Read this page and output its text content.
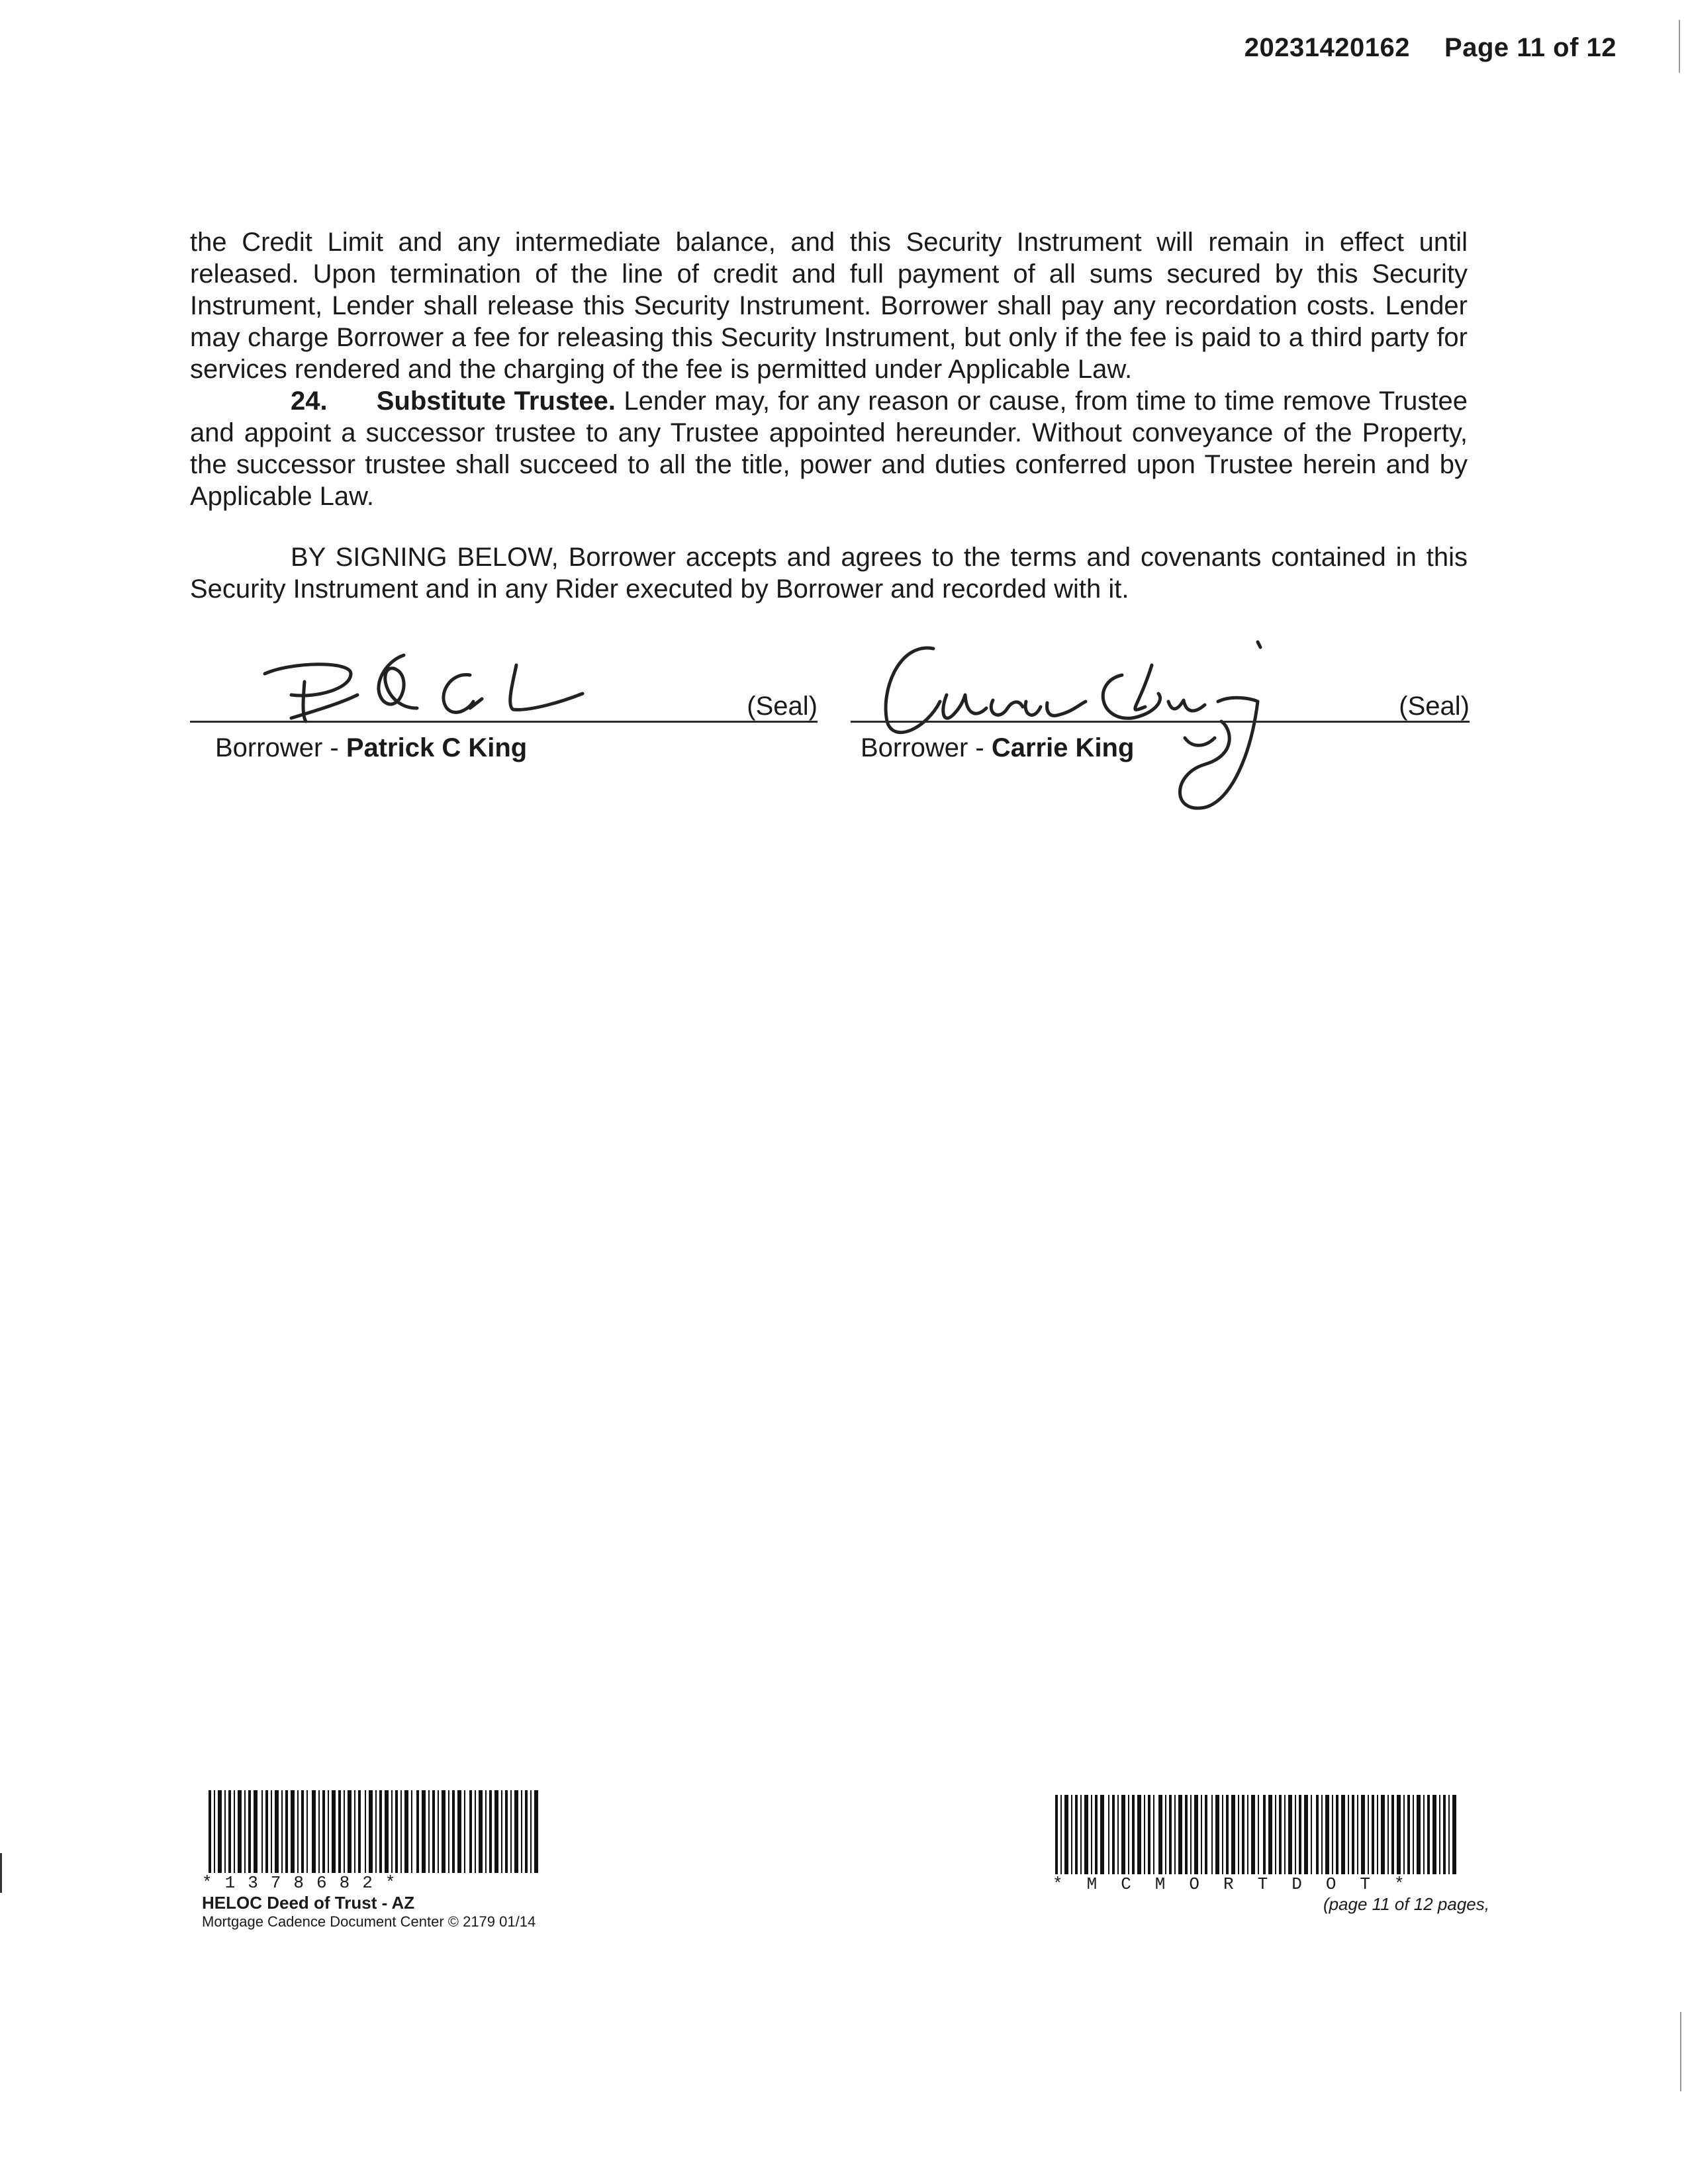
20231420162 Page 11 of 12

the Credit Limit and any intermediate balance, and this Security Instrument will remain in effect until released. Upon termination of the line of credit and full payment of all sums secured by this Security Instrument, Lender shall release this Security Instrument. Borrower shall pay any recordation costs. Lender may charge Borrower a fee for releasing this Security Instrument, but only if the fee is paid to a third party for services rendered and the charging of the fee is permitted under Applicable Law.

24. Substitute Trustee. Lender may, for any reason or cause, from time to time remove Trustee and appoint a successor trustee to any Trustee appointed hereunder. Without conveyance of the Property, the successor trustee shall succeed to all the title, power and duties conferred upon Trustee herein and by Applicable Law.

BY SIGNING BELOW, Borrower accepts and agrees to the terms and covenants contained in this Security Instrument and in any Rider executed by Borrower and recorded with it.

(Seal)
Borrower - Patrick C King
(Seal)
Borrower - Carrie King
*1378682*
HELOC Deed of Trust - AZ
Mortgage Cadence Document Center © 2179 01/14
*MCMORTDOT*
(page 11 of 12 pages,
